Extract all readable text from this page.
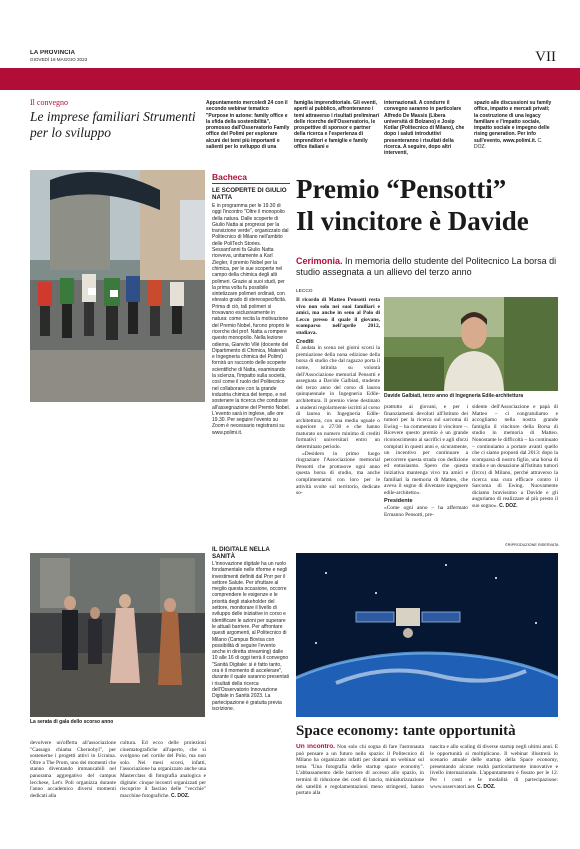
LA PROVINCIA
GIOVEDÌ 18 MAGGIO 2023	VII
Il convegno
Le imprese familiari Strumenti per lo sviluppo
Appuntamento mercoledì 24 con il secondo webinar tematico "Purpose in azione: family office e la sfida della sostenibilità", promosso dall'Osservatorio Family office del Polimi per esplorare alcuni dei temi più importanti e salienti per lo sviluppo di una
famiglia imprenditoriale. Gli eventi, aperti al pubblico, affronteranno i temi attraverso i risultati preliminari delle ricerche dell'Osservatorio, le prospettive di sponsor e partner della ricerca e l'esperienza di imprenditori e famiglie e family office italiani e
internazionali. A condurre il convegno saranno in particolare Alfredo De Massis (Libera università di Bolzano) e Josip Kotlar (Politecnico di Milano), che dopo i saluti introduttivi presenteranno i risultati della ricerca. A seguire, dopo altri interventi,
spazio alle discussioni su family office, impatto e mercati privati; la costruzione di una legacy familiare e l'impatto sociale, impatto sociale e impegno delle rising generation. Per info sull'evento, www.polimi.it. C. DOZ.
La serata di gala dello scorso anno
devolvere un'offerta all'associazione "Cassago chiama Chernobyl", per sostenerne i progetti attivi in Ucraina. Oltre a The Prom, uno dei momenti che stanno diventando immancabili nel panorama aggregativo del campus lecchese, Let's Poli organizza durante l'anno accademico diversi momenti dedicati alla
cultura. Ed ecco delle proiezioni cinematografiche all'aperto, che si svolgono nel cortile del Polo, ma non solo. Nei mesi scorsi, infatti, l'associazione ha organizzato anche una Masterclass di fotografia analogica e digitale: cinque incontri organizzati per riscoprire il fascino delle "vecchie" macchine fotografiche. C. DOZ.
Bacheca
LE SCOPERTE DI GIULIO NATTA
È in programma per le 19.30 di oggi l'incontro "Oltre il monopolio della natura. Dalle scoperte di Giulio Natta ai progressi per la transizione verde", organizzato dal Politecnico di Milano nell'ambito delle PoliTech Stories. Sessant'anni fa Giulio Natta riceveva, unitamente a Karl Ziegler, il premio Nobel per la chimica, per le sue scoperte nel campo della chimica degli alti polimeri. Grazie ai suoi studi, per la prima volta fu possibile sintetizzare polimeri ordinati, con elevato grado di stereospecificità. Prima di ciò, tali polimeri si trovavano esclusivamente in natura: come recita la motivazione del Premio Nobel, furono proprio le ricerche del prof. Natta a rompere questo monopolio. Nella lezione odierna, Gianvito Vilé (docente del Dipartimento di Chimica, Materiali e Ingegneria chimica del Polimi) fornirà un racconto delle scoperte scientifiche di Natta, esaminando la scienza, l'impatto sulla società, così come il ruolo del Politecnico nel collaborare con la grande industria chimica del tempo, e nel sostenere la ricerca che condusse all'assegnazione del Premio Nobel. L'evento sarà in inglese, alle ore 19.30. Per seguire l'evento su Zoom è necessario registrarsi su www.polimi.it.
IL DIGITALE NELLA SANITÀ
L'innovazione digitale ha un ruolo fondamentale nelle riforme e negli investimenti definiti dal Pnrr per il settore Salute. Per sfruttare al meglio questa occasione, occorre comprendere le esigenze e le priorità degli stakeholder del settore, monitorare il livello di sviluppo delle iniziative in corso e identificare le azioni per superare le attuali barriere. Per affrontare questi argomenti, al Politecnico di Milano (Campus Bovisa con possibilità di seguire l'evento anche in diretta streaming) dalle 10 alle 16 di oggi terrà il convegno "Sanità Digitale: si è fatto tanto, ora è il momento di accelerare", durante il quale saranno presentati i risultati della ricerca dell'Osservatorio Innovazione Digitale in Sanità 2023. La partecipazione è gratuita previa iscrizione.
Premio “Pensotti”
Il vincitore è Davide
Cerimonia. In memoria dello studente del Politecnico La borsa di studio assegnata a un allievo del terzo anno
LECCO
Il ricordo di Matteo Pensotti resta vivo non solo nei suoi familiari e amici, ma anche in seno al Polo di Lecco presso il quale il giovane, scomparso nell'aprile 2012, studiava.
Crediti
È andata in scena nei giorni scorsi la premiazione della nona edizione della borsa di studio che dal ragazzo porta il nome, istituita su volontà dell'Associazione memorial Pensotti e assegnata a Davide Galbiati, studente del terzo anno del corso di laurea quinquennale in Ingegneria Edile-architettura. Il premio viene destinato a studenti regolarmente iscritti al corso di laurea in Ingegneria Edile-architettura, con una media uguale o superiore a 27/30 e che hanno maturato un numero minimo di crediti formativi universitari entro un determinato periodo.
«Desidero in primo luogo ringraziare l'Associazione memorial Pensotti che promuove ogni anno questa borsa di studio, ma anche complimentarmi con loro per le attività svolte sul territorio, dedicate so-
Davide Galbiati, terzo anno di Ingegneria Edile-architettura
prattutto ai giovani, e per i finanziamenti devoluti all'Istituto dei tumori per la ricerca sul sarcoma di Ewing – ha commentato il vincitore –. Ricevere questo premio è un grande riconoscimento ai sacrifici e agli sforzi compiuti in questi anni e, sicuramente, un incentivo per continuare a percorrere questa strada con dedizione ed entusiasmo. Spero che questa iniziativa mantenga vivo tra amici e familiari la memoria di Matteo, che aveva il sogno di diventare ingegnere edile-architetto».
Presidente
«Come ogni anno – ha affermato Ermanno Pensotti, pre-
sidente dell'Associazione e papà di Matteo – ci congratuliamo e accogliamo nella nostra grande famiglia il vincitore della Borsa di studio in memoria di Matteo. Nonostante le difficoltà – ha continuato – continuiamo a portare avanti quello che ci siamo proposti dal 2013: dopo la scomparsa di nostro figlio, una borsa di studio e un donazione all'Istituto tumori (Irccs) di Milano, perché attraverso la ricerca una cura efficace contro il Sarcoma di Ewing. Nuovamente diciamo bravissimo a Davide e gli auguriamo di realizzare al più presto il suo sogno». C. DOZ.
©RIPRODUZIONE RISERVATA
Space economy: tante opportunità
Un incontro. Non solo chi sogna di fare l'astronauta può pensare a un futuro nello spazio: il Politecnico di Milano ha organizzato infatti per domani un webinar sul tema "Una fotografia delle startup space economy". L'abbassamento delle barriere di accesso allo spazio, in termini di riduzione dei costi di lancio, miniaturizzazione dei satelliti e regolamentazioni meno stringenti, hanno portato alla
nascita e allo scaling di diverse startup negli ultimi anni. E le opportunità si moltiplicano. Il webinar illustrerà lo scenario attuale delle startup della Space economy, presentando alcune realtà particolarmente innovative e livello internazionale. L'appuntamento è fissato per le 12. Per i costi e le modalità di partecipazione: www.osservatori.net. C. DOZ.
